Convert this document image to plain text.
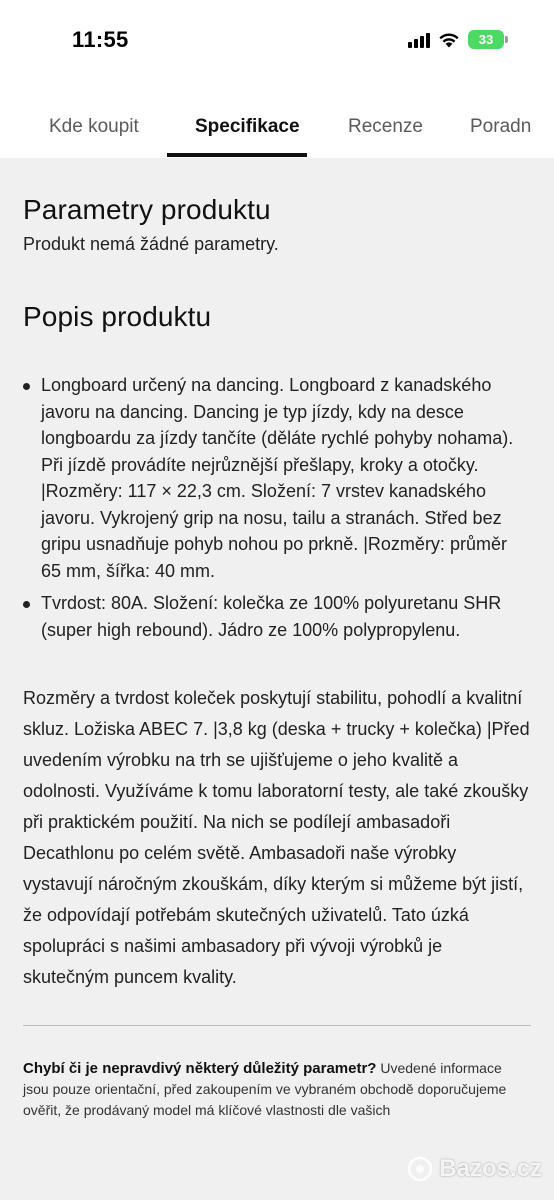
11:55	33
Kde koupit	Specifikace	Recenze Poradn
Parametry produktu

Produkt nemá žádné parametry.

Popis produktu
Longboard určený na dancing. Longboard z kanadského javoru na dancing. Dancing je typ jízdy, kdy na desce longboardu za jízdy tančíte (děláte rychlé pohyby nohama). Při jízdě provádíte nejrůznější přešlapy, kroky a otočky. |Rozměry: 117 × 22,3 cm. Složení: 7 vrstev kanadského javoru. Vykrojený grip na nosu, tailu a stranách. Střed bez gripu usnadňuje pohyb nohou po prkně. |Rozměry: průměr 65 mm, šířka: 40 mm.
Tvrdost: 80A. Složení: kolečka ze 100% polyuretanu SHR (super high rebound). Jádro ze 100% polypropylenu.

Rozměry a tvrdost koleček poskytují stabilitu, pohodlí a kvalitní skluz. Ložiska ABEC 7. |3,8 kg (deska + trucky + kolečka) |Před uvedením výrobku na trh se ujišťujeme o jeho kvalitě a odolnosti. Využíváme k tomu laboratorní testy, ale také zkoušky při praktickém použití. Na nich se podílejí ambasadoři Decathlonu po celém světě. Ambasadoři naše výrobky vystavují náročným zkouškám, díky kterým si můžeme být jistí, že odpovídají potřebám skutečných uživatelů. Tato úzká spolupráci s našimi ambasadory při vývoji výrobků je skutečným puncem kvality.

Chybí či je nepravdivý některý důležitý parametr? Uvedené informace jsou pouze orientační, před zakoupením ve vybraném obchodě doporučujeme ověřit, že prodávaný model má klíčové vlastnosti dle vašich

Bazos.cz
